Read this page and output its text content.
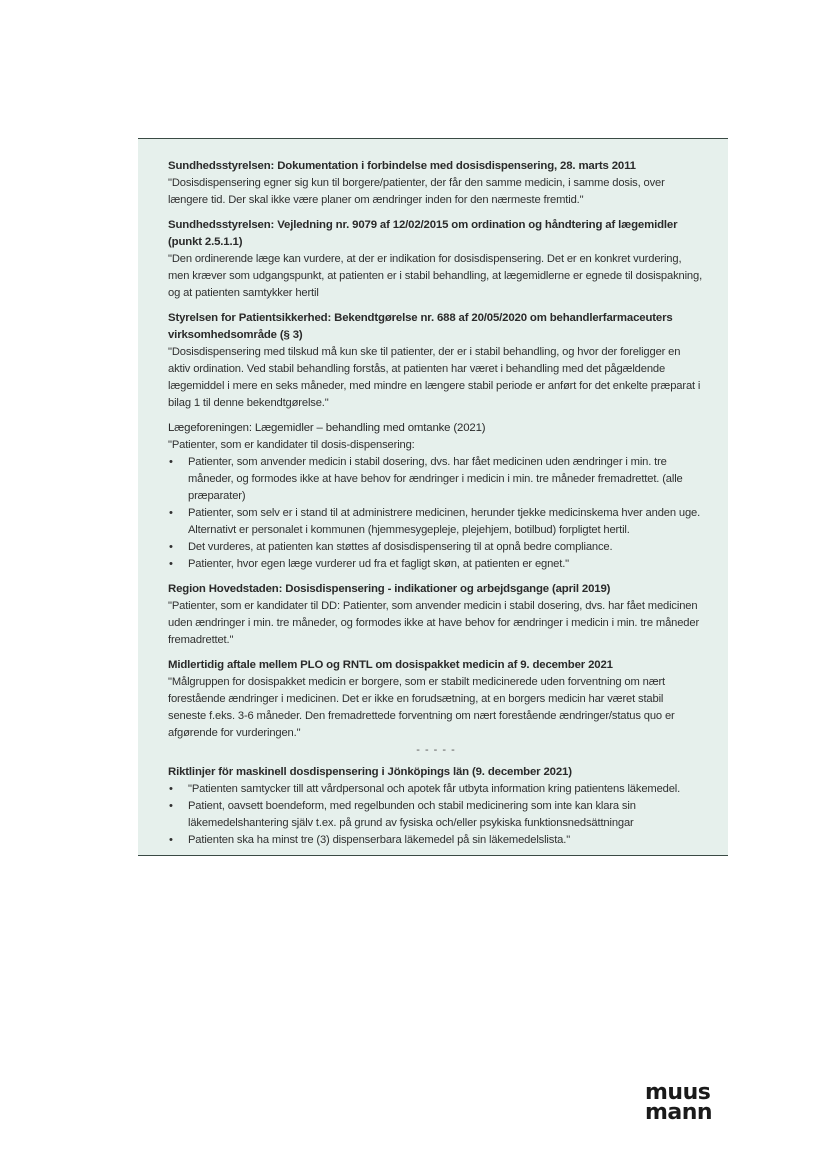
Sundhedsstyrelsen: Dokumentation i forbindelse med dosisdispensering, 28. marts 2011

"Dosisdispensering egner sig kun til borgere/patienter, der får den samme medicin, i samme dosis, over længere tid. Der skal ikke være planer om ændringer inden for den nærmeste fremtid."

Sundhedsstyrelsen: Vejledning nr. 9079 af 12/02/2015 om ordination og håndtering af lægemidler (punkt 2.5.1.1)

"Den ordinerende læge kan vurdere, at der er indikation for dosisdispensering. Det er en konkret vurdering, men kræver som udgangspunkt, at patienten er i stabil behandling, at lægemidlerne er egnede til dosispakning, og at patienten samtykker hertil

Styrelsen for Patientsikkerhed: Bekendtgørelse nr. 688 af 20/05/2020 om behandlerfarmaceuters virksomhedsområde (§ 3)

"Dosisdispensering med tilskud må kun ske til patienter, der er i stabil behandling, og hvor der foreligger en aktiv ordination. Ved stabil behandling forstås, at patienten har været i behandling med det pågældende lægemiddel i mere en seks måneder, med mindre en længere stabil periode er anført for det enkelte præparat i bilag 1 til denne bekendtgørelse."

Lægeforeningen: Lægemidler – behandling med omtanke (2021)

"Patienter, som er kandidater til dosis-dispensering:

• Patienter, som anvender medicin i stabil dosering, dvs. har fået medicinen uden ændringer i min. tre måneder, og formodes ikke at have behov for ændringer i medicin i min. tre måneder fremadrettet. (alle præparater)
• Patienter, som selv er i stand til at administrere medicinen, herunder tjekke medicinskema hver anden uge. Alternativt er personalet i kommunen (hjemmesygepleje, plejehjem, botilbud) forpligtet hertil.
• Det vurderes, at patienten kan støttes af dosisdispensering til at opnå bedre compliance.
• Patienter, hvor egen læge vurderer ud fra et fagligt skøn, at patienten er egnet."
Region Hovedstaden: Dosisdispensering - indikationer og arbejdsgange (april 2019)

"Patienter, som er kandidater til DD: Patienter, som anvender medicin i stabil dosering, dvs. har fået medicinen uden ændringer i min. tre måneder, og formodes ikke at have behov for ændringer i medicin i min. tre måneder fremadrettet."

Midlertidig aftale mellem PLO og RNTL om dosispakket medicin af 9. december 2021

"Målgruppen for dosispakket medicin er borgere, som er stabilt medicinerede uden forventning om nært forestående ændringer i medicinen. Det er ikke en forudsætning, at en borgers medicin har været stabil seneste f.eks. 3-6 måneder. Den fremadrettede forventning om nært forestående ændringer/status quo er afgørende for vurderingen."

- - - - -
Riktlinjer för maskinell dosdispensering i Jönköpings län (9. december 2021)
• "Patienten samtycker till att vårdpersonal och apotek får utbyta information kring patientens läkemedel.
• Patient, oavsett boendeform, med regelbunden och stabil medicinering som inte kan klara sin läkemedelshantering själv t.ex. på grund av fysiska och/eller psykiska funktionsnedsättningar
• Patienten ska ha minst tre (3) dispenserbara läkemedel på sin läkemedelslista."
muus
mann
